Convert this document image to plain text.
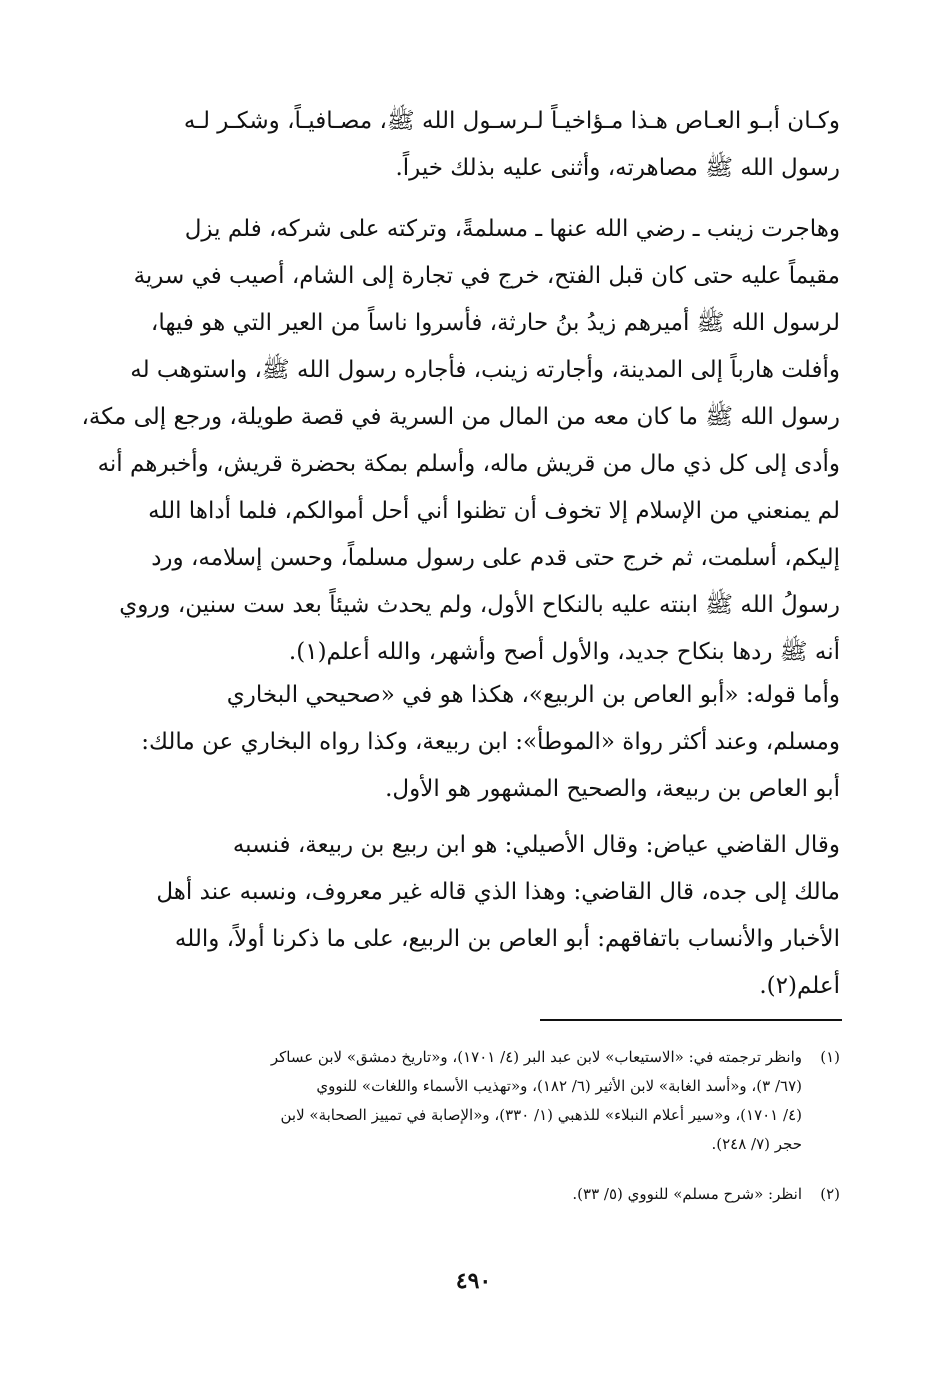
وكـان أبـو العـاص هـذا مـؤاخيـاً لـرسـول الله ﷺ، مصـافيـاً، وشكـر لـه
رسول الله ﷺ مصاهرته، وأثنى عليه بذلك خيراً.

وهاجرت زينب ـ رضي الله عنها ـ مسلمةً، وتركته على شركه، فلم يزل
مقيماً عليه حتى كان قبل الفتح، خرج في تجارة إلى الشام، أصيب في سرية
لرسول الله ﷺ أميرهم زيدُ بنُ حارثة، فأسروا ناساً من العير التي هو فيها،
وأفلت هارباً إلى المدينة، وأجارته زينب، فأجاره رسول الله ﷺ، واستوهب له
رسول الله ﷺ ما كان معه من المال من السرية في قصة طويلة، ورجع إلى مكة،
وأدى إلى كل ذي مال من قريش ماله، وأسلم بمكة بحضرة قريش، وأخبرهم أنه
لم يمنعني من الإسلام إلا تخوف أن تظنوا أني أحل أموالكم، فلما أداها الله
إليكم، أسلمت، ثم خرج حتى قدم على رسول مسلماً، وحسن إسلامه، ورد
رسولُ الله ﷺ ابنته عليه بالنكاح الأول، ولم يحدث شيئاً بعد ست سنين، وروي
أنه ﷺ ردها بنكاح جديد، والأول أصح وأشهر، والله أعلم(١).

وأما قوله: «أبو العاص بن الربيع»، هكذا هو في «صحيحي البخاري
ومسلم، وعند أكثر رواة «الموطأ»: ابن ربيعة، وكذا رواه البخاري عن مالك:
أبو العاص بن ربيعة، والصحيح المشهور هو الأول.

وقال القاضي عياض: وقال الأصيلي: هو ابن ربيع بن ربيعة، فنسبه
مالك إلى جده، قال القاضي: وهذا الذي قاله غير معروف، ونسبه عند أهل
الأخبار والأنساب باتفاقهم: أبو العاص بن الربيع، على ما ذكرنا أولاً، والله
أعلم(٢).

(١)
وانظر ترجمته في: «الاستيعاب» لابن عبد البر (٤/ ١٧٠١)، و«تاريخ دمشق» لابن عساكر
(٦٧/ ٣)، و«أسد الغابة» لابن الأثير (٦/ ١٨٢)، و«تهذيب الأسماء واللغات» للنووي
(٤/ ١٧٠١)، و«سير أعلام النبلاء» للذهبي (١/ ٣٣٠)، و«الإصابة في تمييز الصحابة» لابن
حجر (٧/ ٢٤٨).
(٢)
انظر: «شرح مسلم» للنووي (٥/ ٣٣).
٤٩٠
